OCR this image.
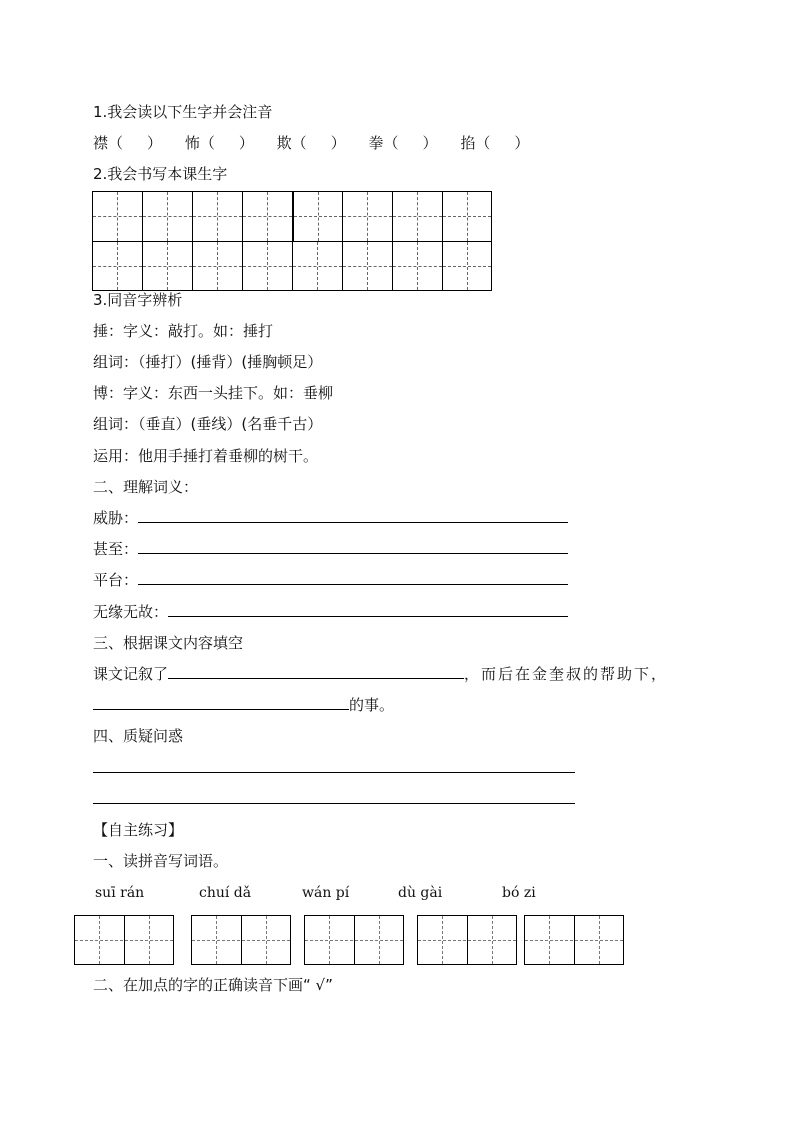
1.我会读以下生字并会注音
襟（ ） 怖（ ） 欺（ ） 拳（ ） 掐（ ）
2.我会书写本课生字
3.同音字辨析
捶：字义：敲打。如：捶打
组词：（捶打）(捶背）(捶胸顿足）
博：字义：东西一头挂下。如：垂柳
组词：（垂直）(垂线）(名垂千古）
运用：他用手捶打着垂柳的树干。
二、理解词义：
威胁：
甚至：
平台：
无缘无故：
三、根据课文内容填空
课文记叙了	，而后在金奎叔的帮助下，
的事。
四、质疑问惑
【自主练习】
一、读拼音写词语。
suī rán	chuí dǎ	wán pí	dù gài	bó zi
二、在加点的字的正确读音下画“ √”
